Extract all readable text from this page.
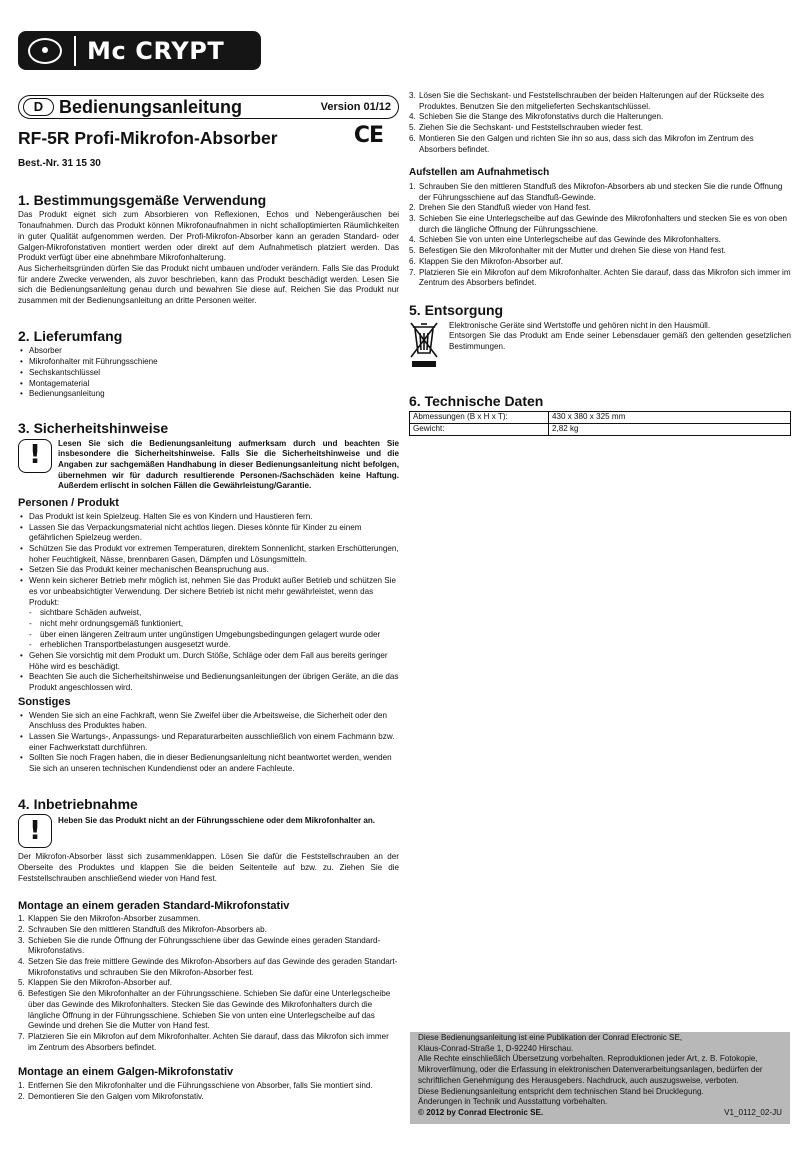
Mc CRYPT
D Bedienungsanleitung	Version 01/12
RF-5R Profi-Mikrofon-Absorber	CE
Best.-Nr. 31 15 30
1. Bestimmungsgemäße Verwendung

Das Produkt eignet sich zum Absorbieren von Reflexionen, Echos und Nebengeräuschen bei Tonaufnahmen. Durch das Produkt können Mikrofonaufnahmen in nicht schalloptimierten Räumlichkeiten in guter Qualität aufgenommen werden. Der Profi-Mikrofon-Absorber kann an geraden Standard- oder Galgen-Mikrofonstativen montiert werden oder direkt auf dem Aufnahmetisch platziert werden. Das Produkt verfügt über eine abnehmbare Mikrofonhalterung.

Aus Sicherheitsgründen dürfen Sie das Produkt nicht umbauen und/oder verändern. Falls Sie das Produkt für andere Zwecke verwenden, als zuvor beschrieben, kann das Produkt beschädigt werden. Lesen Sie sich die Bedienungsanleitung genau durch und bewahren Sie diese auf. Reichen Sie das Produkt nur zusammen mit der Bedienungsanleitung an dritte Personen weiter.

2. Lieferumfang
• Absorber
• Mikrofonhalter mit Führungsschiene
• Sechskantschlüssel
• Montagematerial
• Bedienungsanleitung
3. Sicherheitshinweise
!	Lesen Sie sich die Bedienungsanleitung aufmerksam durch und beachten Sie insbesondere die Sicherheitshinweise. Falls Sie die Sicherheitshinweise und die Angaben zur sachgemäßen Handhabung in dieser Bedienungsanleitung nicht befolgen, übernehmen wir für dadurch resultierende Personen-/Sachschäden keine Haftung. Außerdem erlischt in solchen Fällen die Gewährleistung/Garantie.

Personen / Produkt
• Das Produkt ist kein Spielzeug. Halten Sie es von Kindern und Haustieren fern.
• Lassen Sie das Verpackungsmaterial nicht achtlos liegen. Dieses könnte für Kinder zu einem gefährlichen Spielzeug werden.
• Schützen Sie das Produkt vor extremen Temperaturen, direktem Sonnenlicht, starken Erschütterungen, hoher Feuchtigkeit, Nässe, brennbaren Gasen, Dämpfen und Lösungsmitteln.
• Setzen Sie das Produkt keiner mechanischen Beanspruchung aus.
• Wenn kein sicherer Betrieb mehr möglich ist, nehmen Sie das Produkt außer Betrieb und schützen Sie es vor unbeabsichtigter Verwendung. Der sichere Betrieb ist nicht mehr gewährleistet, wenn das Produkt:
- sichtbare Schäden aufweist,
- nicht mehr ordnungsgemäß funktioniert,
- über einen längeren Zeitraum unter ungünstigen Umgebungsbedingungen gelagert wurde oder
- erheblichen Transportbelastungen ausgesetzt wurde.
• Gehen Sie vorsichtig mit dem Produkt um. Durch Stöße, Schläge oder dem Fall aus bereits geringer Höhe wird es beschädigt.
• Beachten Sie auch die Sicherheitshinweise und Bedienungsanleitungen der übrigen Geräte, an die das Produkt angeschlossen wird.
Sonstiges
• Wenden Sie sich an eine Fachkraft, wenn Sie Zweifel über die Arbeitsweise, die Sicherheit oder den Anschluss des Produktes haben.
• Lassen Sie Wartungs-, Anpassungs- und Reparaturarbeiten ausschließlich von einem Fachmann bzw. einer Fachwerkstatt durchführen.
• Sollten Sie noch Fragen haben, die in dieser Bedienungsanleitung nicht beantwortet werden, wenden Sie sich an unseren technischen Kundendienst oder an andere Fachleute.
4. Inbetriebnahme
!	Heben Sie das Produkt nicht an der Führungsschiene oder dem Mikrofonhalter an.

Der Mikrofon-Absorber lässt sich zusammenklappen. Lösen Sie dafür die Feststellschrauben an der Oberseite des Produktes und klappen Sie die beiden Seitenteile auf bzw. zu. Ziehen Sie die Feststellschrauben anschließend wieder von Hand fest.

Montage an einem geraden Standard-Mikrofonstativ
1. Klappen Sie den Mikrofon-Absorber zusammen.
2. Schrauben Sie den mittleren Standfuß des Mikrofon-Absorbers ab.
3. Schieben Sie die runde Öffnung der Führungsschiene über das Gewinde eines geraden Standard-Mikrofonstativs.
4. Setzen Sie das freie mittlere Gewinde des Mikrofon-Absorbers auf das Gewinde des geraden Standart-Mikrofonstativs und schrauben Sie den Mikrofon-Absorber fest.
5. Klappen Sie den Mikrofon-Absorber auf.
6. Befestigen Sie den Mikrofonhalter an der Führungsschiene. Schieben Sie dafür eine Unterlegscheibe über das Gewinde des Mikrofonhalters. Stecken Sie das Gewinde des Mikrofonhalters durch die längliche Öffnung in der Führungsschiene. Schieben Sie von unten eine Unterlegscheibe auf das Gewinde und drehen Sie die Mutter von Hand fest.
7. Platzieren Sie ein Mikrofon auf dem Mikrofonhalter. Achten Sie darauf, dass das Mikrofon sich immer im Zentrum des Absorbers befindet.
Montage an einem Galgen-Mikrofonstativ
1. Entfernen Sie den Mikrofonhalter und die Führungsschiene von Absorber, falls Sie montiert sind.
2. Demontieren Sie den Galgen vom Mikrofonstativ.
3. Lösen Sie die Sechskant- und Feststellschrauben der beiden Halterungen auf der Rückseite des Produktes. Benutzen Sie den mitgelieferten Sechskantschlüssel.
4. Schieben Sie die Stange des Mikrofonstativs durch die Halterungen.
5. Ziehen Sie die Sechskant- und Feststellschrauben wieder fest.
6. Montieren Sie den Galgen und richten Sie ihn so aus, dass sich das Mikrofon im Zentrum des Absorbers befindet.
Aufstellen am Aufnahmetisch
1. Schrauben Sie den mittleren Standfuß des Mikrofon-Absorbers ab und stecken Sie die runde Öffnung der Führungsschiene auf das Standfuß-Gewinde.
2. Drehen Sie den Standfuß wieder von Hand fest.
3. Schieben Sie eine Unterlegscheibe auf das Gewinde des Mikrofonhalters und stecken Sie es von oben durch die längliche Öffnung der Führungsschiene.
4. Schieben Sie von unten eine Unterlegscheibe auf das Gewinde des Mikrofonhalters.
5. Befestigen Sie den Mikrofonhalter mit der Mutter und drehen Sie diese von Hand fest.
6. Klappen Sie den Mikrofon-Absorber auf.
7. Platzieren Sie ein Mikrofon auf dem Mikrofonhalter. Achten Sie darauf, dass das Mikrofon sich immer im Zentrum des Absorbers befindet.
5. Entsorgung

Elektronische Geräte sind Wertstoffe und gehören nicht in den Hausmüll.

Entsorgen Sie das Produkt am Ende seiner Lebensdauer gemäß den geltenden gesetzlichen Bestimmungen.

6. Technische Daten
Abmessungen (B x H x T):	430 x 380 x 325 mm
Gewicht:	2,82 kg
Diese Bedienungsanleitung ist eine Publikation der Conrad Electronic SE,
Klaus-Conrad-Straße 1, D-92240 Hirschau.
Alle Rechte einschließlich Übersetzung vorbehalten. Reproduktionen jeder Art, z. B. Fotokopie, Mikroverfilmung, oder die Erfassung in elektronischen Datenverarbeitungsanlagen, bedürfen der schriftlichen Genehmigung des Herausgebers. Nachdruck, auch auszugsweise, verboten.
Diese Bedienungsanleitung entspricht dem technischen Stand bei Drucklegung.
Änderungen in Technik und Ausstattung vorbehalten.
© 2012 by Conrad Electronic SE.	V1_0112_02-JU
